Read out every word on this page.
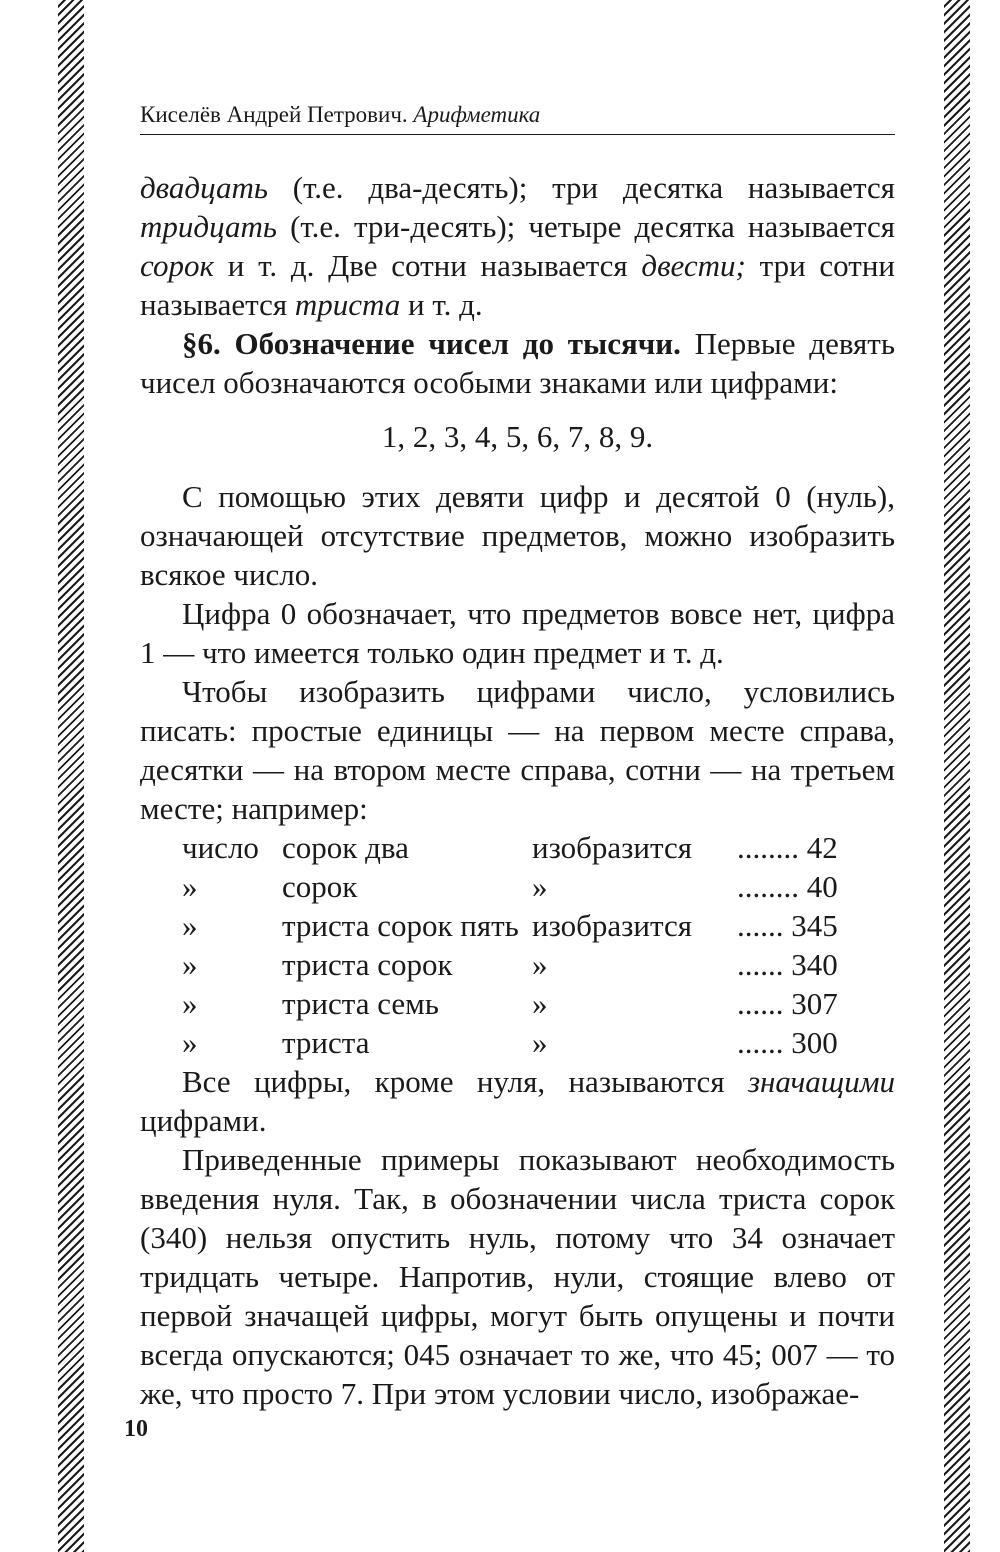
Киселёв Андрей Петрович. Арифметика

двадцать (т.е. два-десять); три десятка называется тридцать (т.е. три-десять); четыре десятка называется сорок и т. д. Две сотни называется двести; три сотни называется триста и т. д.

§6. Обозначение чисел до тысячи. Первые девять чисел обозначаются особыми знаками или цифрами:

1, 2, 3, 4, 5, 6, 7, 8, 9.

С помощью этих девяти цифр и десятой 0 (нуль), означающей отсутствие предметов, можно изобразить всякое число.

Цифра 0 обозначает, что предметов вовсе нет, цифра 1 — что имеется только один предмет и т. д.

Чтобы изобразить цифрами число, условились писать: простые единицы — на первом месте справа, десятки — на втором месте справа, сотни — на третьем месте; например:

число	сорок два	изобразится	........ 42
»	сорок	»	........ 40
»	триста сорок пять	изобразится	...... 345
»	триста сорок	»	...... 340
»	триста семь	»	...... 307
»	триста	»	...... 300

Все цифры, кроме нуля, называются значащими цифрами.

Приведенные примеры показывают необходимость введения нуля. Так, в обозначении числа триста сорок (340) нельзя опустить нуль, потому что 34 означает тридцать четыре. Напротив, нули, стоящие влево от первой значащей цифры, могут быть опущены и почти всегда опускаются; 045 означает то же, что 45; 007 — то же, что просто 7. При этом условии число, изображае-

10
